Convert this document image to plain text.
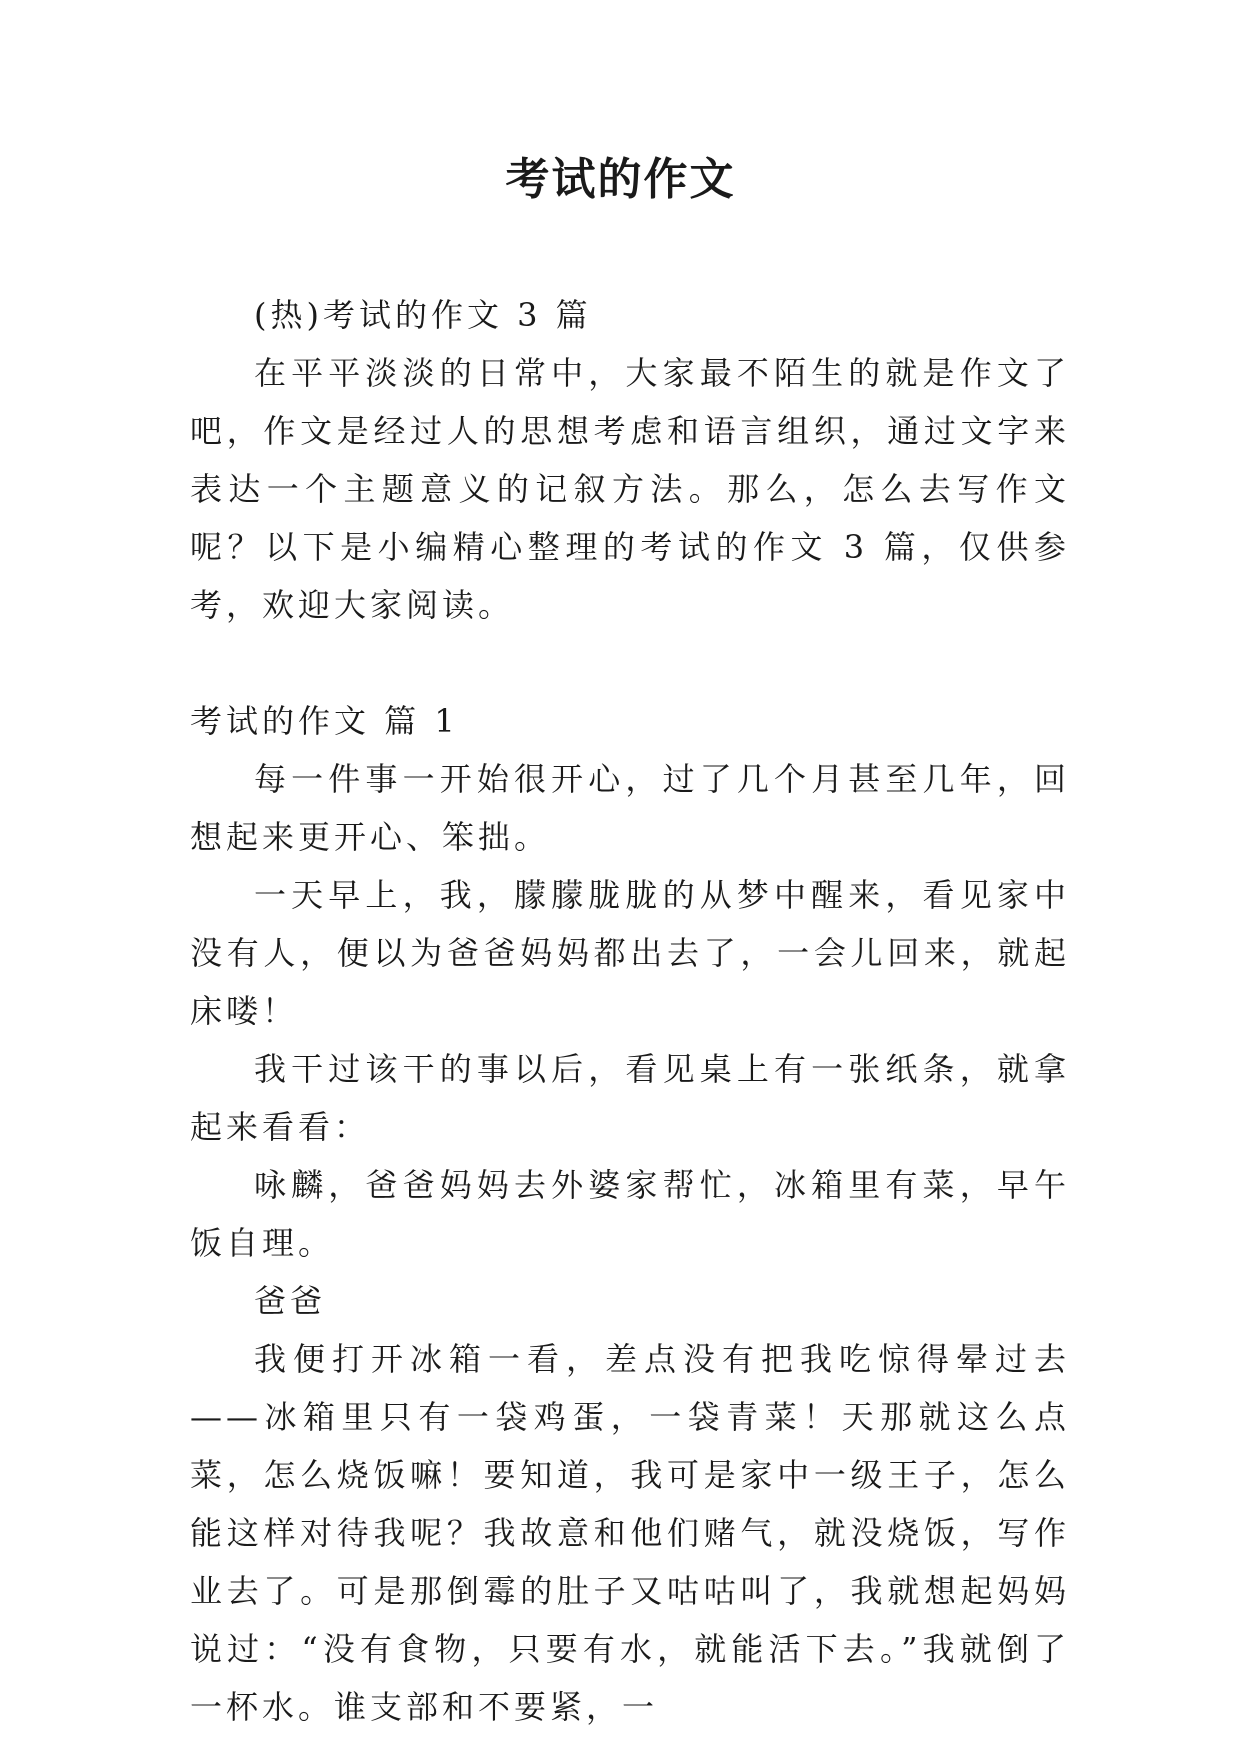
考试的作文

(热)考试的作文 3 篇

在平平淡淡的日常中，大家最不陌生的就是作文了吧，作文是经过人的思想考虑和语言组织，通过文字来表达一个主题意义的记叙方法。那么，怎么去写作文呢？以下是小编精心整理的考试的作文 3 篇，仅供参考，欢迎大家阅读。

考试的作文 篇 1

每一件事一开始很开心，过了几个月甚至几年，回想起来更开心、笨拙。

一天早上，我，朦朦胧胧的从梦中醒来，看见家中没有人，便以为爸爸妈妈都出去了，一会儿回来，就起床喽！

我干过该干的事以后，看见桌上有一张纸条，就拿起来看看：

咏麟，爸爸妈妈去外婆家帮忙，冰箱里有菜，早午饭自理。

爸爸

我便打开冰箱一看，差点没有把我吃惊得晕过去——冰箱里只有一袋鸡蛋，一袋青菜！天那就这么点菜，怎么烧饭嘛！要知道，我可是家中一级王子，怎么能这样对待我呢？我故意和他们赌气，就没烧饭，写作业去了。可是那倒霉的肚子又咕咕叫了，我就想起妈妈说过：“没有食物，只要有水，就能活下去。”我就倒了一杯水。谁支部和不要紧，一
